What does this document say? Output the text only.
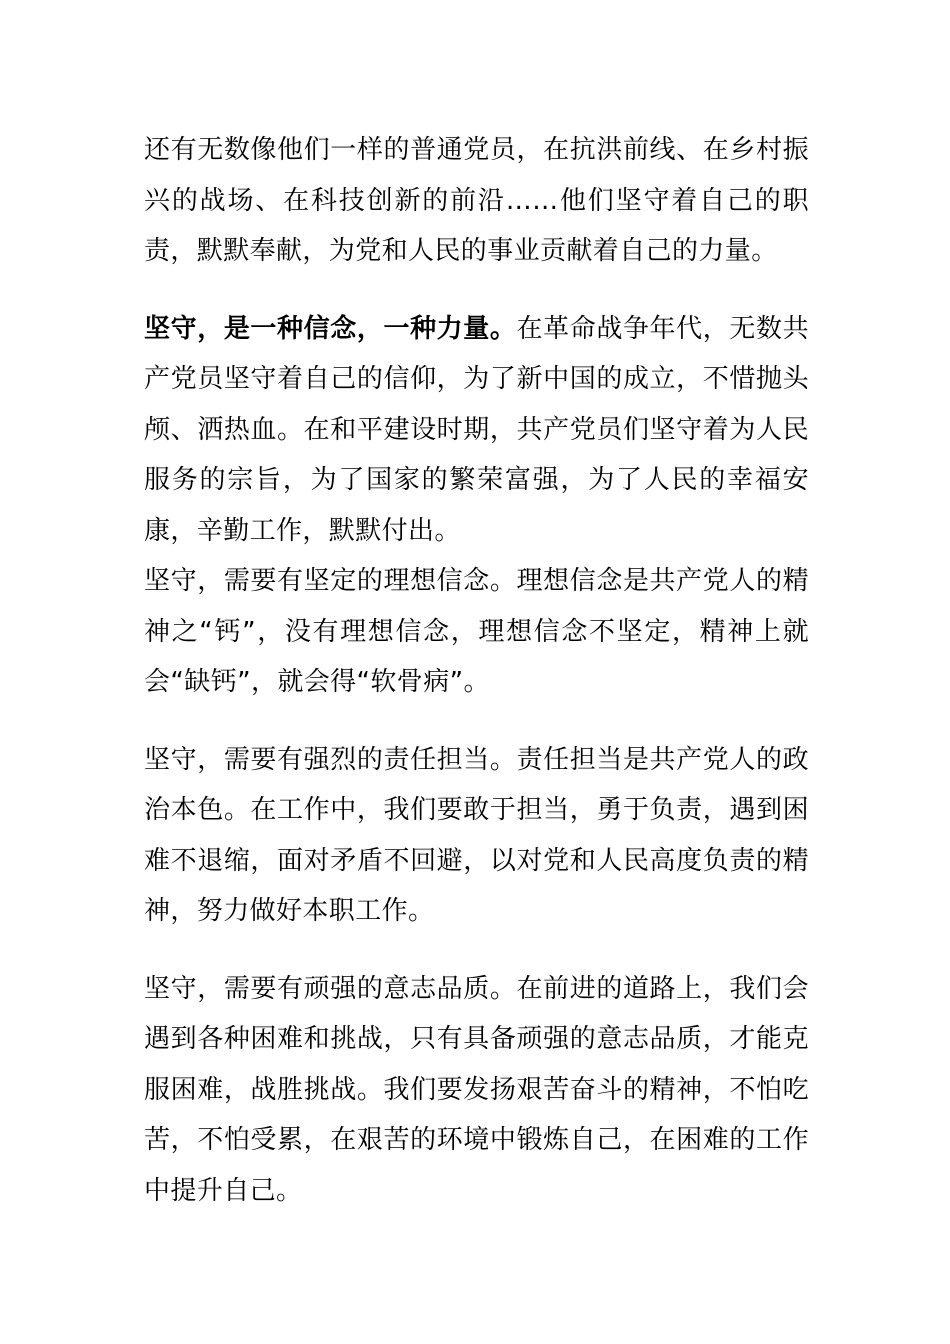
还有无数像他们一样的普通党员，在抗洪前线、在乡村振兴的战场、在科技创新的前沿……他们坚守着自己的职责，默默奉献，为党和人民的事业贡献着自己的力量。

坚守，是一种信念，一种力量。在革命战争年代，无数共产党员坚守着自己的信仰，为了新中国的成立，不惜抛头颅、洒热血。在和平建设时期，共产党员们坚守着为人民服务的宗旨，为了国家的繁荣富强，为了人民的幸福安康，辛勤工作，默默付出。

坚守，需要有坚定的理想信念。理想信念是共产党人的精神之“钙”，没有理想信念，理想信念不坚定，精神上就会“缺钙”，就会得“软骨病”。

坚守，需要有强烈的责任担当。责任担当是共产党人的政治本色。在工作中，我们要敢于担当，勇于负责，遇到困难不退缩，面对矛盾不回避，以对党和人民高度负责的精神，努力做好本职工作。

坚守，需要有顽强的意志品质。在前进的道路上，我们会遇到各种困难和挑战，只有具备顽强的意志品质，才能克服困难，战胜挑战。我们要发扬艰苦奋斗的精神，不怕吃苦，不怕受累，在艰苦的环境中锻炼自己，在困难的工作中提升自己。
